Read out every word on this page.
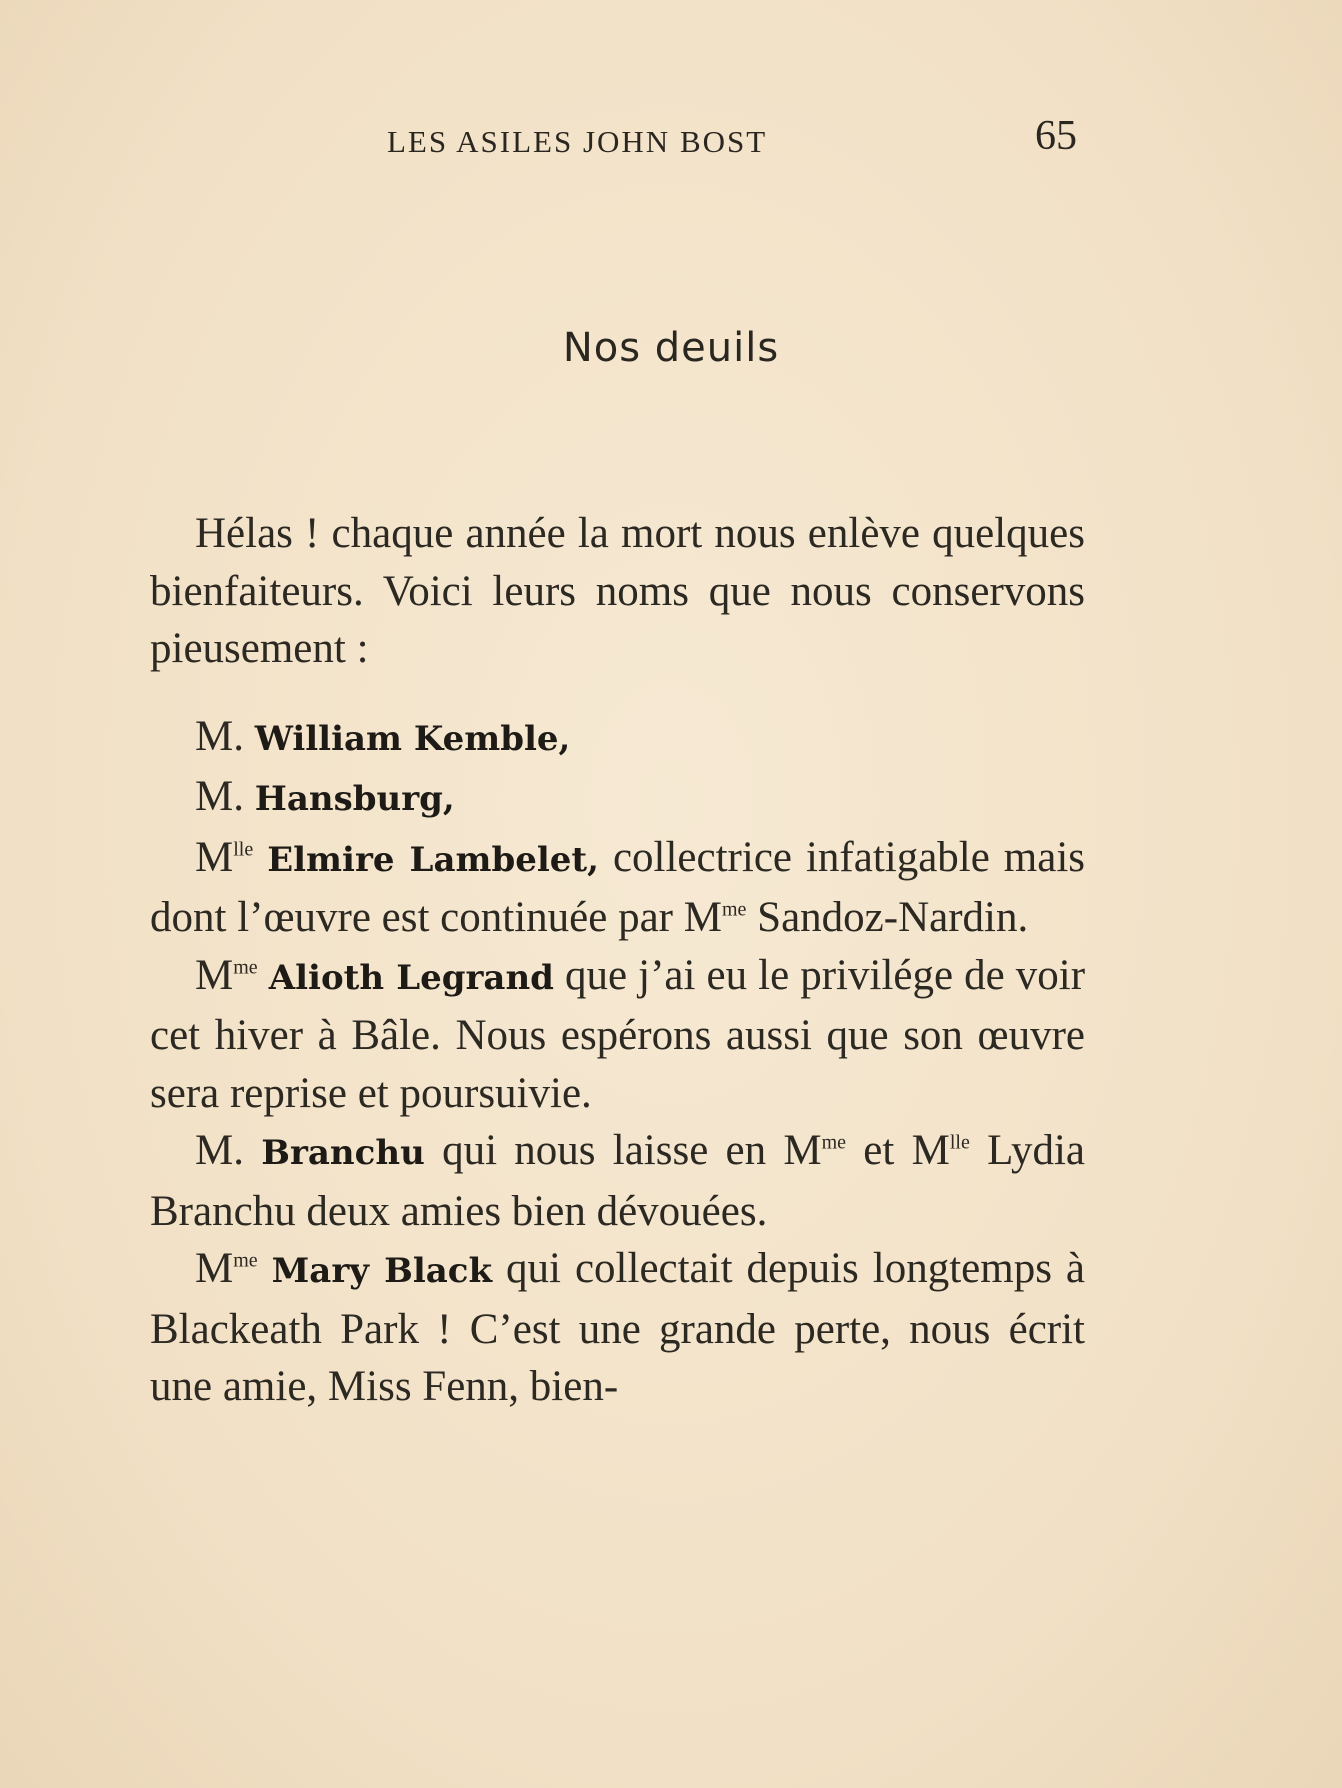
LES ASILES JOHN BOST	65
Nos deuils

Hélas ! chaque année la mort nous enlève quelques bienfaiteurs. Voici leurs noms que nous conservons pieusement :

M. William Kemble,

M. Hansburg,

$M^{lle}$ Elmire Lambelet, collectrice infatigable mais dont l’œuvre est continuée par $M^{me}$ Sandoz-Nardin.

$M^{me}$ Alioth Legrand que j’ai eu le privilége de voir cet hiver à Bâle. Nous espérons aussi que son œuvre sera reprise et poursuivie.

M. Branchu qui nous laisse en $M^{me}$ et $M^{lle}$ Lydia Branchu deux amies bien dévouées.

$M^{me}$ Mary Black qui collectait depuis longtemps à Blackeath Park ! C’est une grande perte, nous écrit une amie, Miss Fenn, bien-
